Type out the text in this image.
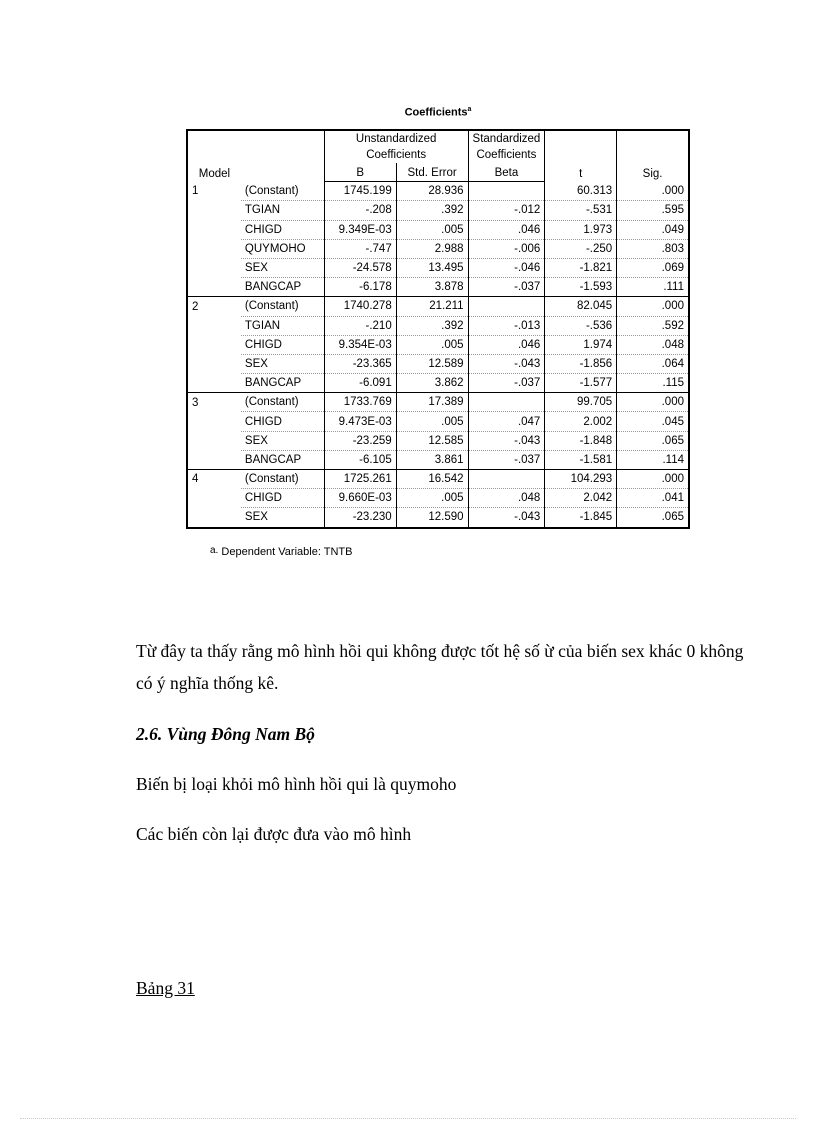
Coefficients$^a$
Model		Unstandardized Coefficients		Standardized Coefficients	t	Sig.
		B	Std. Error	Beta		
1	(Constant)	1745.199	28.936		60.313	.000
	TGIAN	-.208	.392	-.012	-.531	.595
	CHIGD	9.349E-03	.005	.046	1.973	.049
	QUYMOHO	-.747	2.988	-.006	-.250	.803
	SEX	-24.578	13.495	-.046	-1.821	.069
	BANGCAP	-6.178	3.878	-.037	-1.593	.111
2	(Constant)	1740.278	21.211		82.045	.000
	TGIAN	-.210	.392	-.013	-.536	.592
	CHIGD	9.354E-03	.005	.046	1.974	.048
	SEX	-23.365	12.589	-.043	-1.856	.064
	BANGCAP	-6.091	3.862	-.037	-1.577	.115
3	(Constant)	1733.769	17.389		99.705	.000
	CHIGD	9.473E-03	.005	.047	2.002	.045
	SEX	-23.259	12.585	-.043	-1.848	.065
	BANGCAP	-6.105	3.861	-.037	-1.581	.114
4	(Constant)	1725.261	16.542		104.293	.000
	CHIGD	9.660E-03	.005	.048	2.042	.041
	SEX	-23.230	12.590	-.043	-1.845	.065
a. Dependent Variable: TNTB
Từ đây ta thấy rằng mô hình hồi qui không được tốt hệ số ừ của biến sex khác 0 không có ý nghĩa thống kê.
2.6. Vùng Đông Nam Bộ
Biến bị loại khỏi mô hình hồi qui là quymoho
Các biến còn lại được đưa vào mô hình
Bảng 31
